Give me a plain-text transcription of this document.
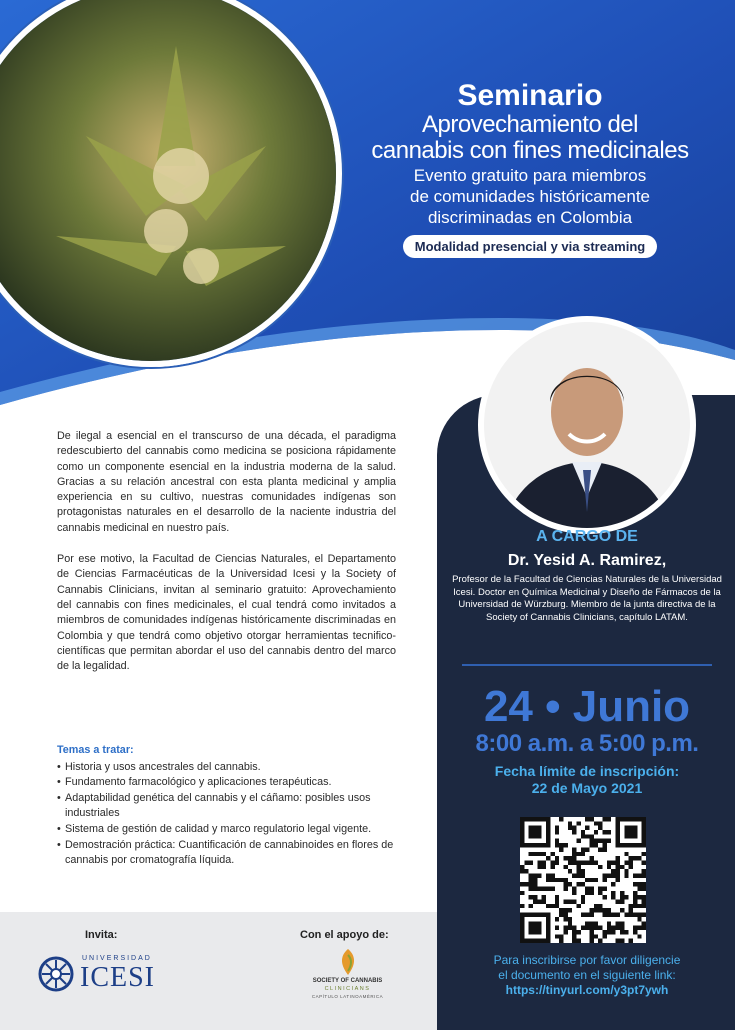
Seminario
Aprovechamiento del
cannabis con fines medicinales
Evento gratuito para miembros
de comunidades históricamente
discriminadas en Colombia
Modalidad presencial y via streaming
A CARGO DE
Dr. Yesid A. Ramirez,
Profesor de la Facultad de Ciencias Naturales de la Universidad Icesi. Doctor en Química Medicinal y Diseño de Fármacos de la Universidad de Würzburg. Miembro de la junta directiva de la Society of Cannabis Clinicians, capítulo LATAM.
24 • Junio
8:00 a.m. a 5:00 p.m.
Fecha límite de inscripción:
22 de Mayo 2021
Para inscribirse por favor diligencie
el documento en el siguiente link:
https://tinyurl.com/y3pt7ywh

De ilegal a esencial en el transcurso de una década, el paradigma redescubierto del cannabis como medicina se posiciona rápidamente como un componente esencial en la industria moderna de la salud. Gracias a su relación ancestral con esta planta medicinal y amplia experiencia en su cultivo, nuestras comunidades indígenas son protagonistas naturales en el desarrollo de la naciente industria del cannabis medicinal en nuestro país.

Por ese motivo, la Facultad de Ciencias Naturales, el Departamento de Ciencias Farmacéuticas de la Universidad Icesi y la Society of Cannabis Clinicians, invitan al seminario gratuito: Aprovechamiento del cannabis con fines medicinales, el cual tendrá como invitados a miembros de comunidades indígenas históricamente discriminadas en Colombia y que tendrá como objetivo otorgar herramientas tecnifico-científicas que permitan abordar el uso del cannabis dentro del marco de la legalidad.

Temas a tratar:
• Historia y usos ancestrales del cannabis.
• Fundamento farmacológico y aplicaciones terapéuticas.
• Adaptabilidad genética del cannabis y el cáñamo: posibles usos industriales
• Sistema de gestión de calidad y marco regulatorio legal vigente.
• Demostración práctica: Cuantificación de cannabinoides en flores de cannabis por cromatografía líquida.
Invita:	Con el apoyo de:
UNIVERSIDAD
ICESI	SOCIETY OF CANNABIS
CLINICIANS
CAPÍTULO LATINOAMÉRICA
